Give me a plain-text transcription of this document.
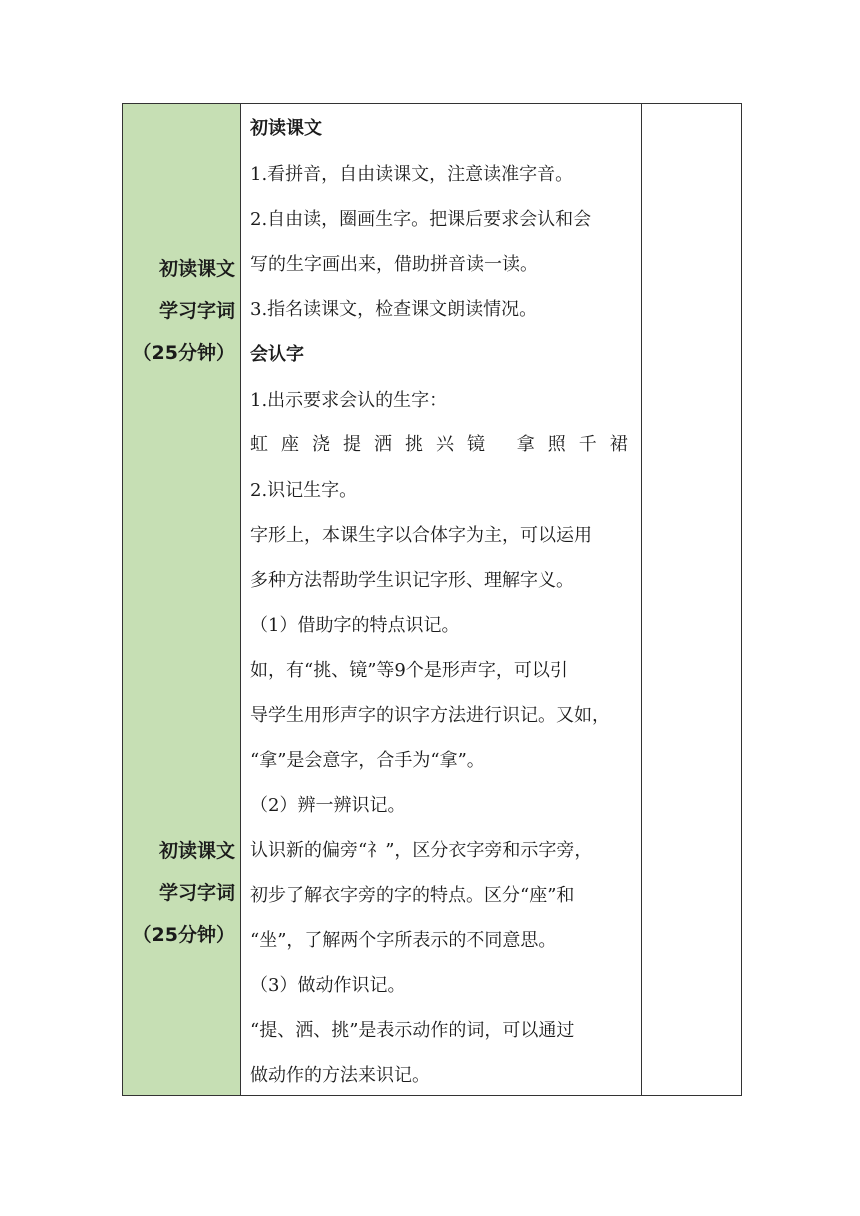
初读课文
学习字词
（25分钟）
初读课文
学习字词
（25分钟）
初读课文
1.看拼音，自由读课文，注意读准字音。
2.自由读，圈画生字。把课后要求会认和会
写的生字画出来，借助拼音读一读。
3.指名读课文，检查课文朗读情况。
会认字
1.出示要求会认的生字：
虹座浇提洒挑兴镜 拿照千裙
2.识记生字。
字形上，本课生字以合体字为主，可以运用
多种方法帮助学生识记字形、理解字义。
（1）借助字的特点识记。
如，有“挑、镜”等9个是形声字，可以引
导学生用形声字的识字方法进行识记。又如，
“拿”是会意字，合手为“拿”。
（2）辨一辨识记。
认识新的偏旁“礻”，区分衣字旁和示字旁，
初步了解衣字旁的字的特点。区分“座”和
“坐”，了解两个字所表示的不同意思。
（3）做动作识记。
“提、洒、挑”是表示动作的词，可以通过
做动作的方法来识记。
